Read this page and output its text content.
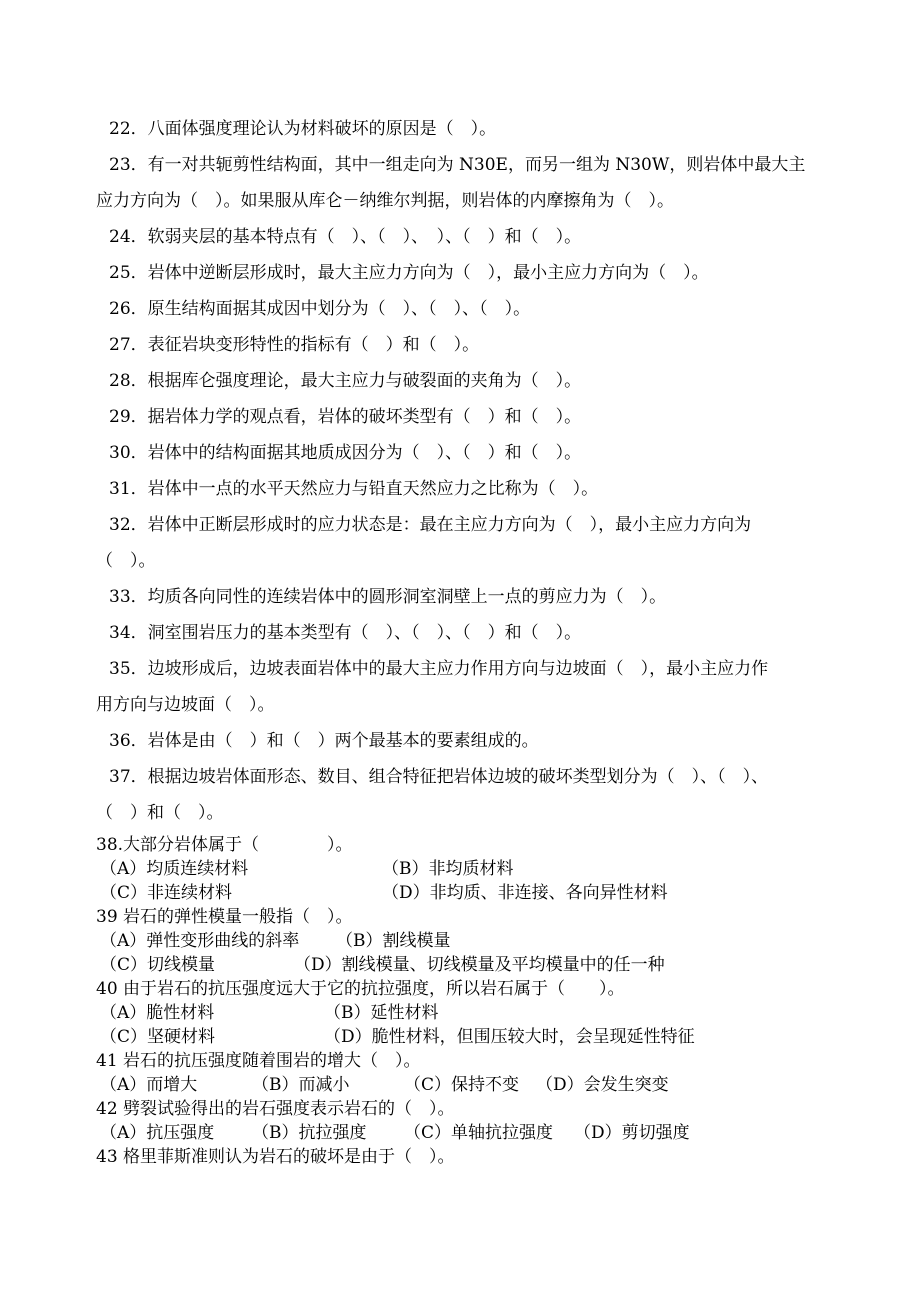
22．八面体强度理论认为材料破坏的原因是（　）。
23．有一对共轭剪性结构面，其中一组走向为 N30E，而另一组为 N30W，则岩体中最大主
应力方向为（　）。如果服从库仑－纳维尔判据，则岩体的内摩擦角为（　）。
24．软弱夹层的基本特点有（　）、（　）、　）、（　）和（　）。
25．岩体中逆断层形成时，最大主应力方向为（　），最小主应力方向为（　）。
26．原生结构面据其成因中划分为（　）、（　）、（　）。
27．表征岩块变形特性的指标有（　）和（　）。
28．根据库仑强度理论，最大主应力与破裂面的夹角为（　）。
29．据岩体力学的观点看，岩体的破坏类型有（　）和（　）。
30．岩体中的结构面据其地质成因分为（　）、（　）和（　）。
31．岩体中一点的水平天然应力与铅直天然应力之比称为（　）。
32．岩体中正断层形成时的应力状态是：最在主应力方向为（　），最小主应力方向为
（　）。
33．均质各向同性的连续岩体中的圆形洞室洞壁上一点的剪应力为（　）。
34．洞室围岩压力的基本类型有（　）、（　）、（　）和（　）。
35．边坡形成后，边坡表面岩体中的最大主应力作用方向与边坡面（　），最小主应力作
用方向与边坡面（　）。
36．岩体是由（　）和（　）两个最基本的要素组成的。
37．根据边坡岩体面形态、数目、组合特征把岩体边坡的破坏类型划分为（　）、（　）、
（　）和（　）。
38.大部分岩体属于（　　　　）。
（A）均质连续材料	（B）非均质材料
（C）非连续材料	（D）非均质、非连接、各向异性材料
39 岩石的弹性模量一般指（　）。
（A）弹性变形曲线的斜率 （B）割线模量
（C）切线模量	（D）割线模量、切线模量及平均模量中的任一种
40 由于岩石的抗压强度远大于它的抗拉强度，所以岩石属于（　　）。
（A）脆性材料	（B）延性材料
（C）坚硬材料	（D）脆性材料，但围压较大时，会呈现延性特征
41 岩石的抗压强度随着围岩的增大（　）。
（A）而增大	（B）而减小	（C）保持不变 （D）会发生突变
42 劈裂试验得出的岩石强度表示岩石的（　）。
（A）抗压强度 （B）抗拉强度 （C）单轴抗拉强度 （D）剪切强度
43 格里菲斯准则认为岩石的破坏是由于（　）。
